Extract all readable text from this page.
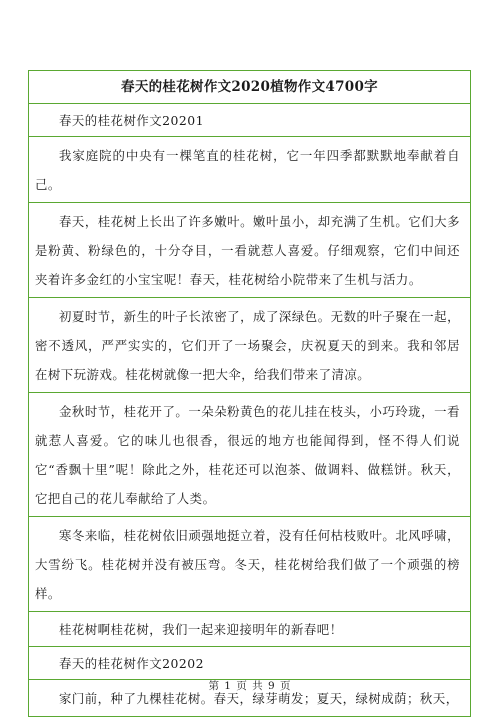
春天的桂花树作文2020植物作文4700字
春天的桂花树作文20201
我家庭院的中央有一棵笔直的桂花树，它一年四季都默默地奉献着自己。
春天，桂花树上长出了许多嫩叶。嫩叶虽小，却充满了生机。它们大多是粉黄、粉绿色的，十分夺目，一看就惹人喜爱。仔细观察，它们中间还夹着许多金红的小宝宝呢！春天，桂花树给小院带来了生机与活力。
初夏时节，新生的叶子长浓密了，成了深绿色。无数的叶子聚在一起，密不透风，严严实实的，它们开了一场聚会，庆祝夏天的到来。我和邻居在树下玩游戏。桂花树就像一把大伞，给我们带来了清凉。
金秋时节，桂花开了。一朵朵粉黄色的花儿挂在枝头，小巧玲珑，一看就惹人喜爱。它的味儿也很香，很远的地方也能闻得到，怪不得人们说它“香飘十里”呢！除此之外，桂花还可以泡茶、做调料、做糕饼。秋天，它把自己的花儿奉献给了人类。
寒冬来临，桂花树依旧顽强地挺立着，没有任何枯枝败叶。北风呼啸，大雪纷飞。桂花树并没有被压弯。冬天，桂花树给我们做了一个顽强的榜样。
桂花树啊桂花树，我们一起来迎接明年的新春吧！
春天的桂花树作文20202
家门前，种了九棵桂花树。春天，绿芽萌发；夏天，绿树成荫；秋天，
第 1 页 共 9 页
